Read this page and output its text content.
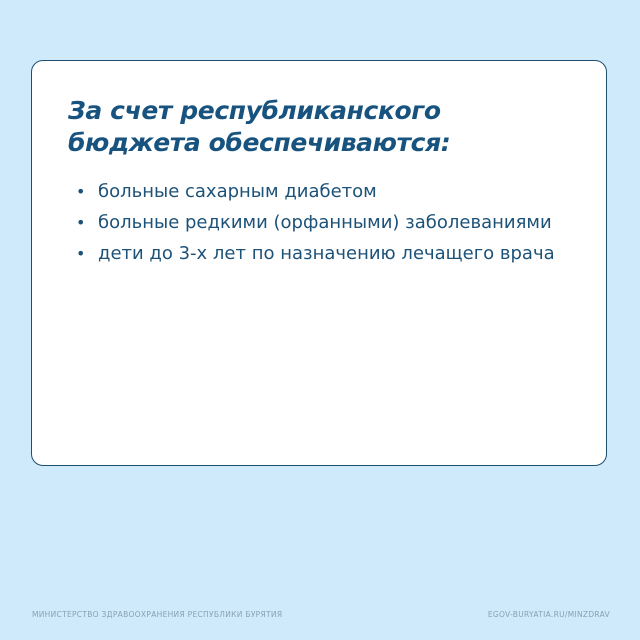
За счет республиканского
бюджета обеспечиваются:
• больные сахарным диабетом
• больные редкими (орфанными) заболеваниями
• дети до 3-х лет по назначению лечащего врача
МИНИСТЕРСТВО ЗДРАВООХРАНЕНИЯ РЕСПУБЛИКИ БУРЯТИЯ	EGOV-BURYATIA.RU/MINZDRAV
